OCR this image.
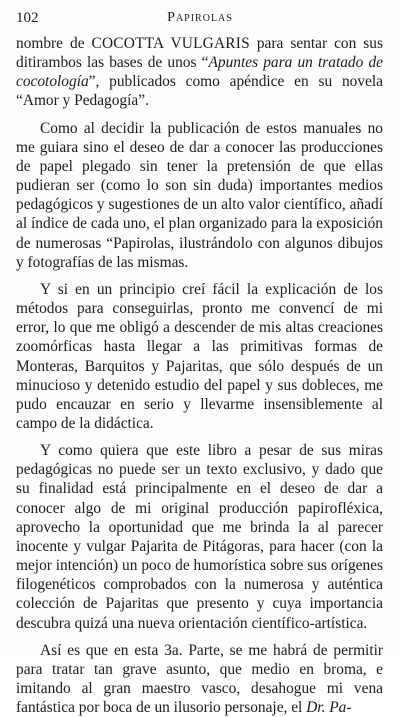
102	Papirolas

nombre de COCOTTA VULGARIS para sentar con sus ditirambos las bases de unos “Apuntes para un tratado de cocotología”, publicados como apéndice en su novela “Amor y Pedagogía”.

Como al decidir la publicación de estos manuales no me guiara sino el deseo de dar a conocer las producciones de papel plegado sin tener la pretensión de que ellas pudieran ser (como lo son sin duda) importantes medios pedagógicos y sugestiones de un alto valor científico, añadí al índice de cada uno, el plan organizado para la exposición de numerosas “Papirolas, ilustrándolo con algunos dibujos y fotografías de las mismas.

Y si en un principio creí fácil la explicación de los métodos para conseguirlas, pronto me convencí de mi error, lo que me obligó a descender de mis altas creaciones zoomórficas hasta llegar a las primitivas formas de Monteras, Barquitos y Pajaritas, que sólo después de un minucioso y detenido estudio del papel y sus dobleces, me pudo encauzar en serio y llevarme insensiblemente al campo de la didáctica.

Y como quiera que este libro a pesar de sus miras pedagógicas no puede ser un texto exclusivo, y dado que su finalidad está principalmente en el deseo de dar a conocer algo de mi original producción papirofléxica, aprovecho la oportunidad que me brinda la al parecer inocente y vulgar Pajarita de Pitágoras, para hacer (con la mejor intención) un poco de humorística sobre sus orígenes filogenéticos comprobados con la numerosa y auténtica colección de Pajaritas que presento y cuya importancia descubra quizá una nueva orientación científico-artística.

Así es que en esta 3a. Parte, se me habrá de permitir para tratar tan grave asunto, que medio en broma, e imitando al gran maestro vasco, desahogue mi vena fantástica por boca de un ilusorio personaje, el Dr. Pa-
